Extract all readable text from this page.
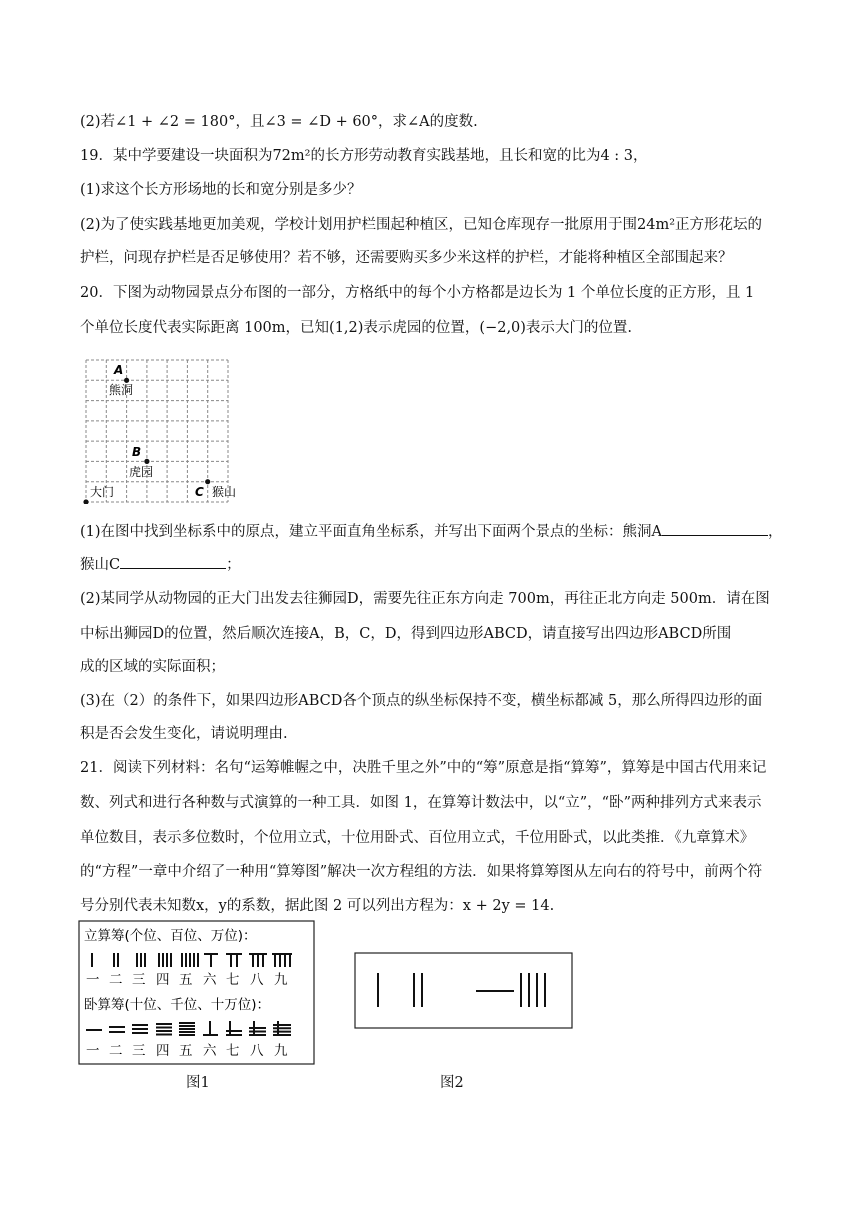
(2)若∠1 + ∠2 = 180°，且∠3 = ∠D + 60°，求∠A的度数.
19．某中学要建设一块面积为72m²的长方形劳动教育实践基地，且长和宽的比为4 : 3，
(1)求这个长方形场地的长和宽分别是多少？
(2)为了使实践基地更加美观，学校计划用护栏围起种植区，已知仓库现存一批原用于围24m²正方形花坛的
护栏，问现存护栏是否足够使用？若不够，还需要购买多少米这样的护栏，才能将种植区全部围起来？
20．下图为动物园景点分布图的一部分，方格纸中的每个小方格都是边长为 1 个单位长度的正方形，且 1
个单位长度代表实际距离 100m，已知(1,2)表示虎园的位置，(−2,0)表示大门的位置.
A
熊洞
B
虎园
大门	C 猴山
(1)在图中找到坐标系中的原点，建立平面直角坐标系，并写出下面两个景点的坐标：熊洞A	，
猴山C	；
(2)某同学从动物园的正大门出发去往狮园D，需要先往正东方向走 700m，再往正北方向走 500m．请在图
中标出狮园D的位置，然后顺次连接A，B，C，D，得到四边形ABCD，请直接写出四边形ABCD所围
成的区域的实际面积；
(3)在（2）的条件下，如果四边形ABCD各个顶点的纵坐标保持不变，横坐标都减 5，那么所得四边形的面
积是否会发生变化，请说明理由.
21．阅读下列材料：名句“运筹帷幄之中，决胜千里之外”中的“筹”原意是指“算筹”，算筹是中国古代用来记
数、列式和进行各种数与式演算的一种工具．如图 1，在算筹计数法中，以“立”，“卧”两种排列方式来表示
单位数目，表示多位数时，个位用立式，十位用卧式、百位用立式，千位用卧式，以此类推．《九章算术》
的“方程”一章中介绍了一种用“算筹图”解决一次方程组的方法．如果将算筹图从左向右的符号中，前两个符
号分别代表未知数x，y的系数，据此图 2 可以列出方程为：x + 2y = 14.
立算筹(个位、百位、万位)：
一 二 三 四 五 六 七 八 九
卧算筹(十位、千位、十万位)：
一 二 三 四 五 六 七 八 九
图1	图2
